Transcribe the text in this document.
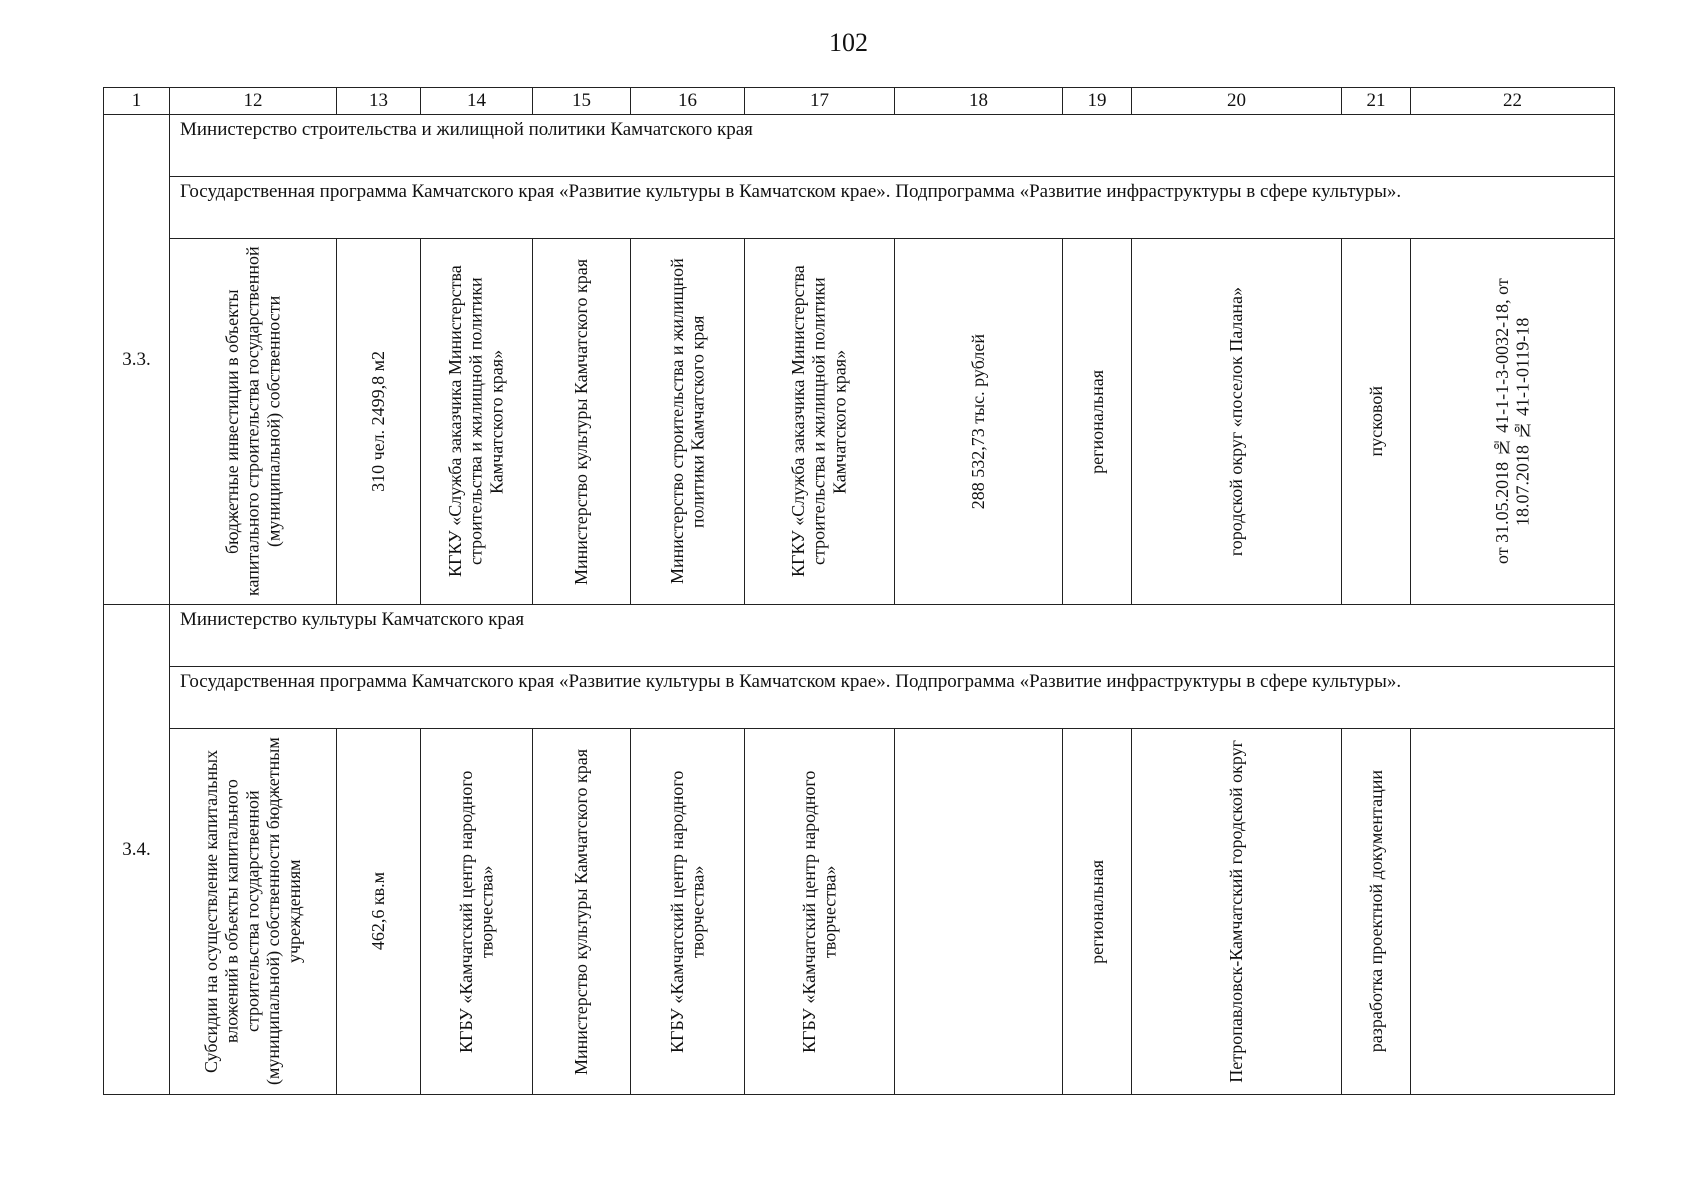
102
1	12	13	14	15	16	17	18	19	20	21	22
3.3.	Министерство строительства и жилищной политики Камчатского края										
	Государственная программа Камчатского края «Развитие культуры в Камчатском крае». Подпрограмма «Развитие инфраструктуры в сфере культуры».										

	бюджетные инвестиции в объекты капитального строительства государственной (муниципальной) собственности	310 чел. 2499,8 м2	КГКУ «Служба заказчика Министерства строительства и жилищной политики Камчатского края»	Министерство культуры Камчатского края	Министерство строительства и жилищной политики Камчатского края	КГКУ «Служба заказчика Министерства строительства и жилищной политики Камчатского края»	288 532,73 тыс. рублей	региональная	городской округ «поселок Палана»	пусковой	от 31.05.2018 № 41-1-1-3-0032-18, от 18.07.2018 № 41-1-0119-18

3.4.	Министерство культуры Камчатского края										
	Государственная программа Камчатского края «Развитие культуры в Камчатском крае». Подпрограмма «Развитие инфраструктуры в сфере культуры».										

	Субсидии на осуществление капитальных вложений в объекты капитального строительства государственной (муниципальной) собственности бюджетным учреждениям	462,6 кв.м	КГБУ «Камчатский центр народного творчества»	Министерство культуры Камчатского края	КГБУ «Камчатский центр народного творчества»	КГБУ «Камчатский центр народного творчества»		региональная	Петропавловск-Камчатский городской округ	разработка проектной документации	
